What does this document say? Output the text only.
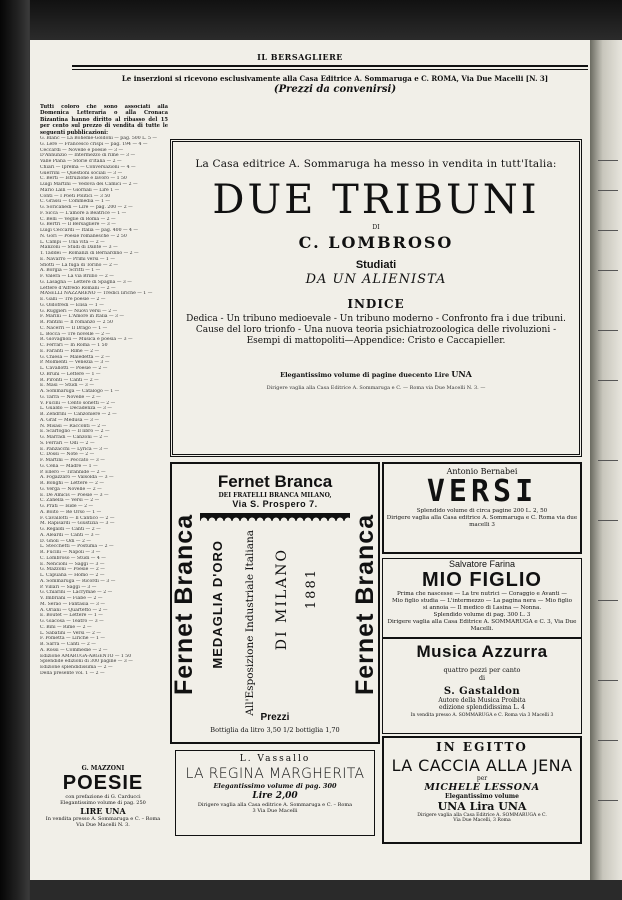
IL BERSAGLIERE
Le inserzioni si ricevono esclusivamente alla Casa Editrice A. Sommaruga e C. ROMA, Via Due Macelli [N. 3]
(Prezzi da convenirsi)
Tutti coloro che sono associati alla Domenica Letteraria o alla Cronaca Bizantina hanno diritto al ribasso del 15 per cento sul prezzo di vendita di tutte le seguenti pubblicazioni:
G. Blanc — La Bohème-Goldoni — pag. 500 L. 5 —
G. Lere — Francesco crispi — pag. 194 — 4 —
Ceccardi — Novelle e poesie — 3 —
D'Annunzio — Intermezzo di rime — 3 —
Valle Plana — Storie d'Italia — 2 —
Chiari — Iprema — Conversazioni — 4 —
Guerrini — Questioni sociali — 3 —
C. Berti — Istruzione e lavoro — 1 50
Luigi Martini — Vedova dei Camici — 2 —
Mario Lalli — Giornali — Lire 1 —
Conti — I Poeti Politici — 3 50
C. Grassi — Commedia — 1 —
G. Soricanedi — Lire — pag. 200 — 2 —
F. Sicca — L'amore a Beatrice — 1 —
C. Belli — Veglie di Roma — 2 —
G. Bertri — Il Bersagliere — 3 —
Luigi Ceccardi — Italia — pag. 400 — 4 —
N. Gori — Poesie romanesche — 2 50
L. Campi — Una vita — 2 —
Manzoni — Studi di Dante — 3 —
T. Taddei — Romanzi di Bernardino — 2 —
E. Navarro — Primi versi — 1 —
Sfiotti — La fuga di Torino — 2 —
A. Borgia — Scritti — 1 —
F. Valera — La via Brillio — 2 —
G. Lasagna — Lettere di Spagna — 3 —
Lettere d'Alfredo Romani — 2 —
MASELLI NAZZARENO — Tredici liriche — 1 —
E. Galli — Tre poesie — 2 —
G. Oldofredi — Elisa — 1 —
G. Ruggieri — Nuovi versi — 2 —
F. Marini — L'Amore in Italia — 3 —
R. Pantini — Il romanzo — 2 50
C. Nacerri — Il Drago — 1 —
L. Bocca — Tre novelle — 2 —
R. Giovagnoli — Musica e poesia — 3 —
C. Ferrari — In Roma — 1 50
E. Faranti — Rime — 2 —
G. Chiesa — Maledetta — 2 —
P. Molmenti — Venezia — 3 —
L. Cavallotti — Poesie — 2 —
O. Bruni — Lettere — 1 —
R. Pironti — Canti — 2 —
E. Masi — Studi — 3 —
A. Sommaruga — Catalogo — 1 —
G. Tarra — Novelle — 2 —
V. Fucini — Cento sonetti — 2 —
L. Gualdo — Decadenza — 3 —
B. Zendrini — Canzoniere — 2 —
A. Graf — Medusa — 3 —
N. Misasi — Racconti — 2 —
E. Scarfoglio — Il libro — 2 —
G. Marradi — Canzoni — 2 —
S. Ferrari — Odi — 2 —
E. Panzacchi — Lyrica — 3 —
C. Dossi — Note — 2 —
F. Martini — Peccato — 3 —
G. Cena — Madre — 1 —
P. Ellero — Tirannide — 2 —
A. Fogazzaro — Valsolda — 3 —
R. Bonghi — Lettere — 2 —
G. Verga — Novelle — 2 —
E. De Amicis — Poesie — 3 —
C. Zanella — Versi — 2 —
G. Prati — Iside — 2 —
A. Boito — Re Orso — 1 —
F. Cavallotti — Il Cantico — 2 —
M. Rapisardi — Giustizia — 3 —
G. Regaldi — Canti — 2 —
A. Aleardi — Canti — 3 —
D. Gnoli — Odi — 2 —
L. Stecchetti — Postuma — 2 —
R. Fucini — Napoli — 3 —
C. Lombroso — Studi — 4 —
E. Nencioni — Saggi — 3 —
G. Mazzoni — Poesie — 2 —
L. Capuana — Homo — 2 —
A. Sommaruga — Ricordi — 3 —
P. Villari — Saggi — 3 —
G. Chiarini — Lacrymae — 2 —
V. Imbriani — Fiabe — 2 —
M. Serao — Fantasia — 3 —
A. Oriani — Quartetto — 2 —
E. Boutet — Lettere — 1 —
G. Giacosa — Teatro — 3 —
C. Bini — Rime — 2 —
L. Sabatini — Versi — 2 —
F. Pometta — Liriche — 1 —
B. Sarra — Canti — 2 —
A. Rossi — Commedie — 2 —
Edizione AMARUGA-ARGENTO — 1 50
Splendide edizioni di 300 pagine — 3 —
Edizione splendidissima — 2 —
Della presente vol. 1 — 2 —
G. MAZZONI
POESIE
con prefazione di G. Carducci
Elegantissimo volume di pag. 250
LIRE UNA
In vendita presso A. Sommaruga e C. – Roma
Via Due Macelli N. 3.
La Casa editrice A. Sommaruga ha messo in vendita in tutt'Italia:
DUE TRIBUNI
DI
C. LOMBROSO
Studiati
DA UN ALIENISTA
INDICE
Dedica - Un tribuno medioevale - Un tribuno moderno - Confronto fra i due tribuni. Cause del loro trionfo - Una nuova teoria psichiatrozoologica delle rivoluzioni - Esempi di mattopoliti—Appendice: Cristo e Caccapieller.
Elegantissimo volume di pagine duecento Lire UNA
Dirigere vaglia alla Casa Editrice A. Sommaruga e C. — Roma via Due Macelli N. 3. —
Fernet Branca	Fernet Branca
Fernet Branca
DEI FRATELLI BRANCA MILANO,
Via S. Prospero 7.
MEDAGLIA D'ORO All'Esposizione Industriale Italiana DI MILANO 1881
Prezzi
Bottiglia da litro 3,50 1/2 bottiglia 1,70
L. Vassallo
LA REGINA MARGHERITA
Elegantissimo volume di pag. 300
Lire 2,00
Dirigere vaglia alla Casa editrice A. Sommaruga e C. – Roma
3 Via Due Macelli
Antonio Bernabei
VERSI
Splendido volume di circa pagine 200 L. 2, 50
Dirigere vaglia alla Casa editrice A. Sommaruga e C. Roma via due macelli 3
Salvatore Farina
MIO FIGLIO
Prima che nascesse — La tre nutrici — Coraggio e Avanti —
Mio figlio studia — L'intermezzo — La pagina nera — Mio figlio
si annoia — Il medico di Lasina — Nonna.
Splendido volume di pag. 300 L. 3
Dirigere vaglia alla Casa Editrice A. SOMMARUGA e C. 3, Via Due Macelli.
Musica Azzurra
quattro pezzi per canto
di
S. Gastaldon
Autore della Musica Proibita
edizione splendidissima L. 4
In vendita presso A. SOMMARUGA e C. Roma via 3 Macelli 3
IN EGITTO
LA CACCIA ALLA JENA
per
MICHELE LESSONA
Elegantissimo volume
UNA Lira UNA
Dirigere vaglia alla Casa Editrice A. SOMMARUGA e C.
Via Due Macelli, 3 Roma
